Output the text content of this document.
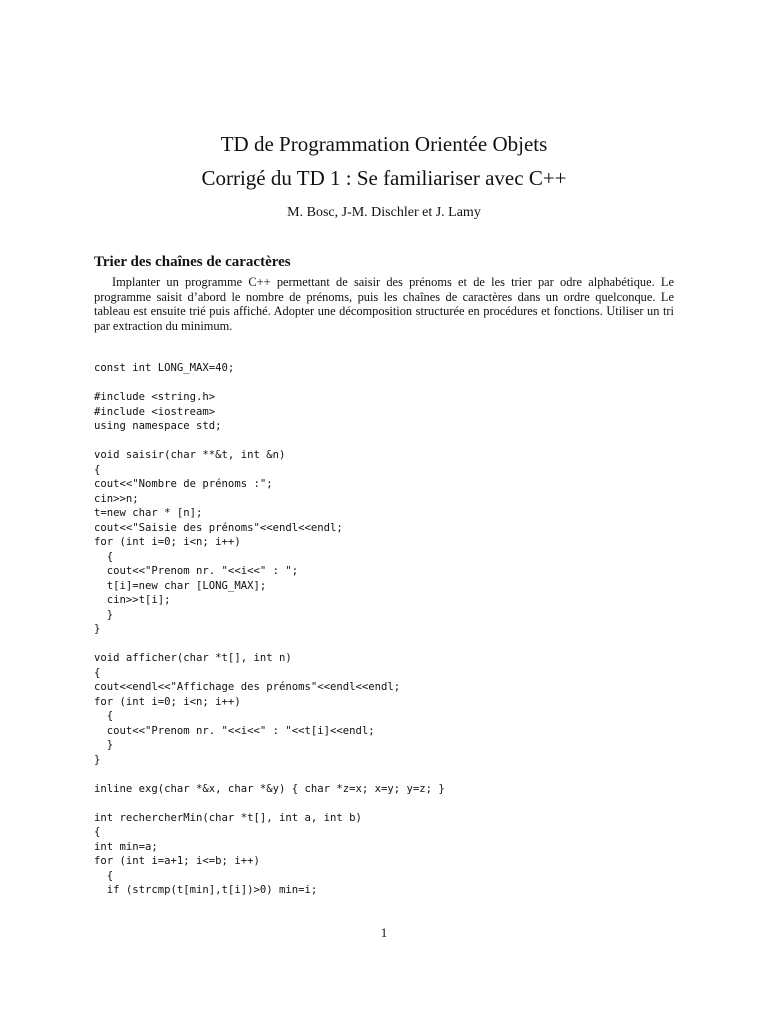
TD de Programmation Orientée Objets
Corrigé du TD 1 : Se familiariser avec C++
M. Bosc, J-M. Dischler et J. Lamy
Trier des chaînes de caractères

Implanter un programme C++ permettant de saisir des prénoms et de les trier par odre alphabétique. Le programme saisit d’abord le nombre de prénoms, puis les chaînes de caractères dans un ordre quelconque. Le tableau est ensuite trié puis affiché. Adopter une décomposition structurée en procédures et fonctions. Utiliser un tri par extraction du minimum.

const int LONG_MAX=40;

#include <string.h>
#include <iostream>
using namespace std;

void saisir(char **&t, int &n)
{
cout<<"Nombre de prénoms :";
cin>>n;
t=new char * [n];
cout<<"Saisie des prénoms"<<endl<<endl;
for (int i=0; i<n; i++)
{
cout<<"Prenom nr. "<<i<<" : ";
t[i]=new char [LONG_MAX];
cin>>t[i];
}
}

void afficher(char *t[], int n)
{
cout<<endl<<"Affichage des prénoms"<<endl<<endl;
for (int i=0; i<n; i++)
{
cout<<"Prenom nr. "<<i<<" : "<<t[i]<<endl;
}
}

inline exg(char *&x, char *&y) { char *z=x; x=y; y=z; }

int rechercherMin(char *t[], int a, int b)
{
int min=a;
for (int i=a+1; i<=b; i++)
{
if (strcmp(t[min],t[i])>0) min=i;

1
